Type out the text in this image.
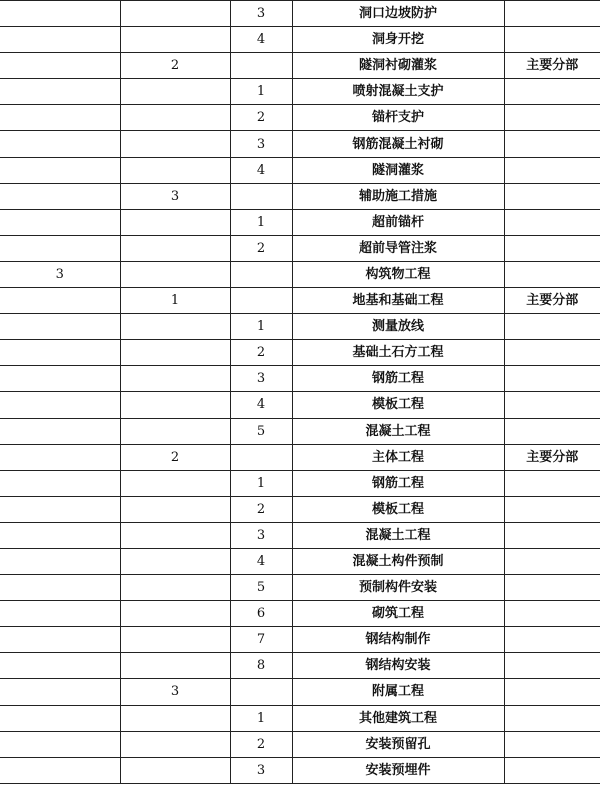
		3	洞口边坡防护	
		4	洞身开挖	
	2		隧洞衬砌灌浆	主要分部
		1	喷射混凝土支护	
		2	锚杆支护	
		3	钢筋混凝土衬砌	
		4	隧洞灌浆	
	3		辅助施工措施	
		1	超前锚杆	
		2	超前导管注浆	
3			构筑物工程	
	1		地基和基础工程	主要分部
		1	测量放线	
		2	基础土石方工程	
		3	钢筋工程	
		4	模板工程	
		5	混凝土工程	
	2		主体工程	主要分部
		1	钢筋工程	
		2	模板工程	
		3	混凝土工程	
		4	混凝土构件预制	
		5	预制构件安装	
		6	砌筑工程	
		7	钢结构制作	
		8	钢结构安装	
	3		附属工程	
		1	其他建筑工程	
		2	安装预留孔	
		3	安装预埋件	
